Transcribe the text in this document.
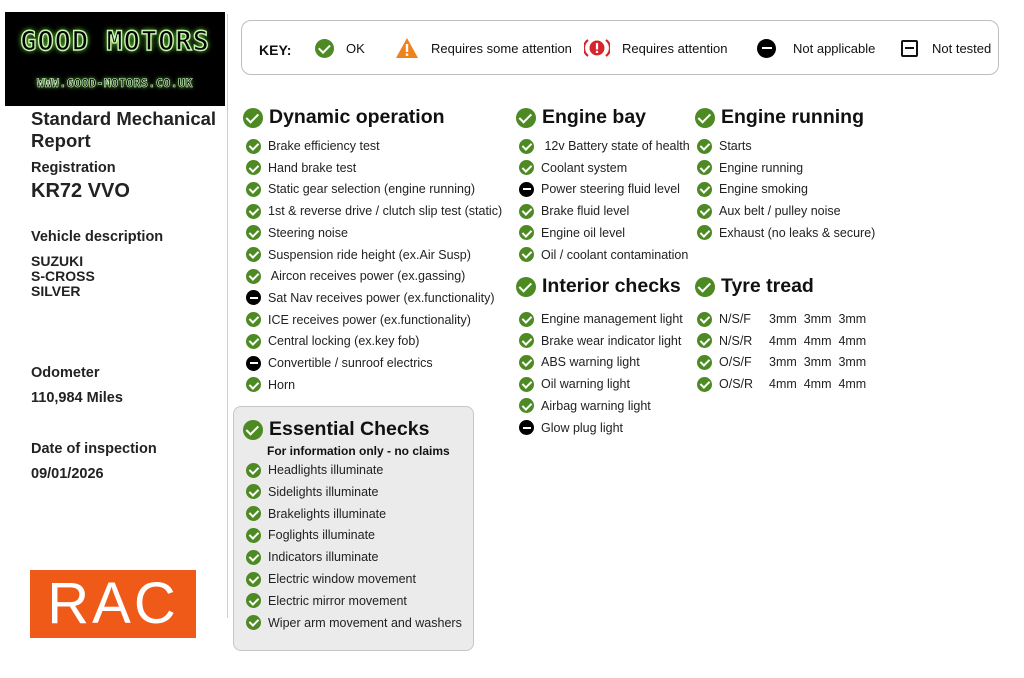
GOOD MOTORS
WWW.GOOD-MOTORS.CO.UK
Standard Mechanical Report
Registration
KR72 VVO
Vehicle description
SUZUKI
S-CROSS
SILVER
Odometer
110,984 Miles
Date of inspection
09/01/2026
RAC
KEY:	OK	Requires some attention	Requires attention	Not applicable	Not tested
Dynamic operation
Brake efficiency test
Hand brake test
Static gear selection (engine running)
1st & reverse drive / clutch slip test (static)
Steering noise
Suspension ride height (ex.Air Susp)
Aircon receives power (ex.gassing)
Sat Nav receives power (ex.functionality)
ICE receives power (ex.functionality)
Central locking (ex.key fob)
Convertible / sunroof electrics
Horn
Essential Checks
For information only - no claims
Headlights illuminate
Sidelights illuminate
Brakelights illuminate
Foglights illuminate
Indicators illuminate
Electric window movement
Electric mirror movement
Wiper arm movement and washers
Engine bay
12v Battery state of health
Coolant system
Power steering fluid level
Brake fluid level
Engine oil level
Oil / coolant contamination
Interior checks
Engine management light
Brake wear indicator light
ABS warning light
Oil warning light
Airbag warning light
Glow plug light
Engine running
Starts
Engine running
Engine smoking
Aux belt / pulley noise
Exhaust (no leaks & secure)
Tyre tread
N/S/F	3mm  3mm  3mm
N/S/R	4mm  4mm  4mm
O/S/F	3mm  3mm  3mm
O/S/R	4mm  4mm  4mm
